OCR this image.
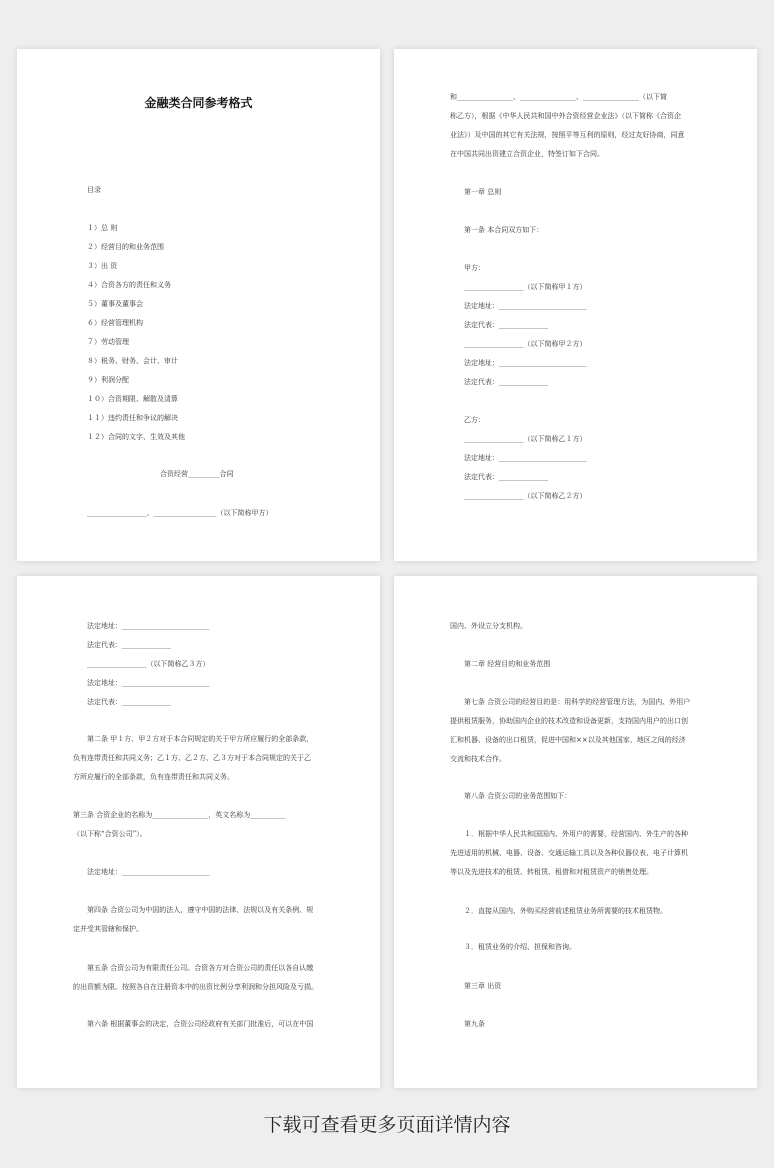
金融类合同参考格式
目录
１）总 则
２）经营目的和业务范围
３）出 资
４）合资各方的责任和义务
５）董事及董事会
６）经营管理机构
７）劳动管理
８）税务、财务、会计、审计
９）利润分配
１０）合资期限、解散及清算
１１）违约责任和争议的解决
１２）合同的文字、生效及其他
合资经营_________合同
_________________、__________________（以下简称甲方）
和________________、________________、________________（以下简
称乙方），根据《中华人民共和国中外合资经营企业法》（以下简称《合资企
业法》）及中国的其它有关法规，按照平等互利的原则，经过友好协商，同意
在中国共同出资建立合资企业，特签订如下合同。
第一章 总则
第一条 本合同双方如下：
甲方：
_________________（以下简称甲１方）
法定地址：_________________________
法定代表：______________
_________________（以下简称甲２方）
法定地址：_________________________
法定代表：______________
乙方：
_________________（以下简称乙１方）
法定地址：_________________________
法定代表：______________
_________________（以下简称乙２方）
法定地址：_________________________
法定代表：______________
_________________（以下简称乙３方）
法定地址：_________________________
法定代表：______________
第二条 甲１方、甲２方对于本合同规定的关于甲方所应履行的全部条款，
负有连带责任和共同义务；乙１方、乙２方、乙３方对于本合同规定的关于乙
方所应履行的全部条款，负有连带责任和共同义务。
第三条 合资企业的名称为________________，英文名称为__________
（以下称“合资公司”）。
法定地址：_________________________
第四条 合资公司为中国的法人，遵守中国的法律、法规以及有关条例、规
定并受其管辖和保护。
第五条 合资公司为有限责任公司。合资各方对合资公司的责任以各自认缴
的出资额为限。按照各自在注册资本中的出资比例分享利润和分担风险及亏损。
第六条 根据董事会的决定，合资公司经政府有关部门批准后，可以在中国
国内、外设立分支机构。
第二章 经营目的和业务范围
第七条 合资公司的经营目的是：用科学的经营管理方法，为国内、外用户
提供租赁服务，协助国内企业的技术改造和设备更新，支持国内用户的出口创
汇和机器、设备的出口租赁，促进中国和××以及其他国家、地区之间的经济
交流和技术合作。
第八条 合资公司的业务范围如下：
１．根据中华人民共和国国内、外用户的需要，经营国内、外生产的各种
先进适用的机械、电器、设备、交通运输工具以及各种仪器仪表、电子计算机
等以及先进技术的租赁、转租赁、租借和对租赁资产的销售处理。
２．直接从国内、外购买经营前述租赁业务所需要的技术租赁物。
３．租赁业务的介绍、担保和咨询。
第三章 出资
第九条
下载可查看更多页面详情内容
